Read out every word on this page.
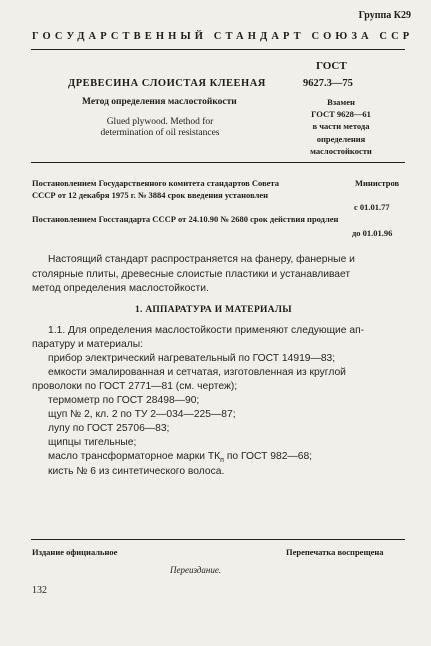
Группа К29
ГОСУДАРСТВЕННЫЙ СТАНДАРТ СОЮЗА ССР
ДРЕВЕСИНА СЛОИСТАЯ КЛЕЕНАЯ
Метод определения маслостойкости
Glued plywood. Method for
determination of oil resistances
ГОСТ
9627.3—75
Взамен
ГОСТ 9628—61
в части метода
определения
маслостойкости
Постановлением Государственного комитета стандартов Совета	Министров
СССР от 12 декабря 1975 г. № 3884 срок введения установлен
с 01.01.77
Постановлением Госстандарта СССР от 24.10.90 № 2680 срок действия продлен
до 01.01.96
Настоящий стандарт распространяется на фанеру, фанерные и
столярные плиты, древесные слоистые пластики и устанавливает
метод определения маслостойкости.
1. АППАРАТУРА И МАТЕРИАЛЫ
1.1. Для определения маслостойкости применяют следующие ап-
паратуру и материалы:
прибор электрический нагревательный по ГОСТ 14919—83;
емкости эмалированная и сетчатая, изготовленная из круглой
проволоки по ГОСТ 2771—81 (см. чертеж);
термометр по ГОСТ 28498—90;
щуп № 2, кл. 2 по ТУ 2—034—225—87;
лупу по ГОСТ 25706—83;
щипцы тигельные;
масло трансформаторное марки $ТК_п$ по ГОСТ 982—68;
кисть № 6 из синтетического волоса.
Издание официальное	Перепечатка воспрещена
Переиздание.
132
